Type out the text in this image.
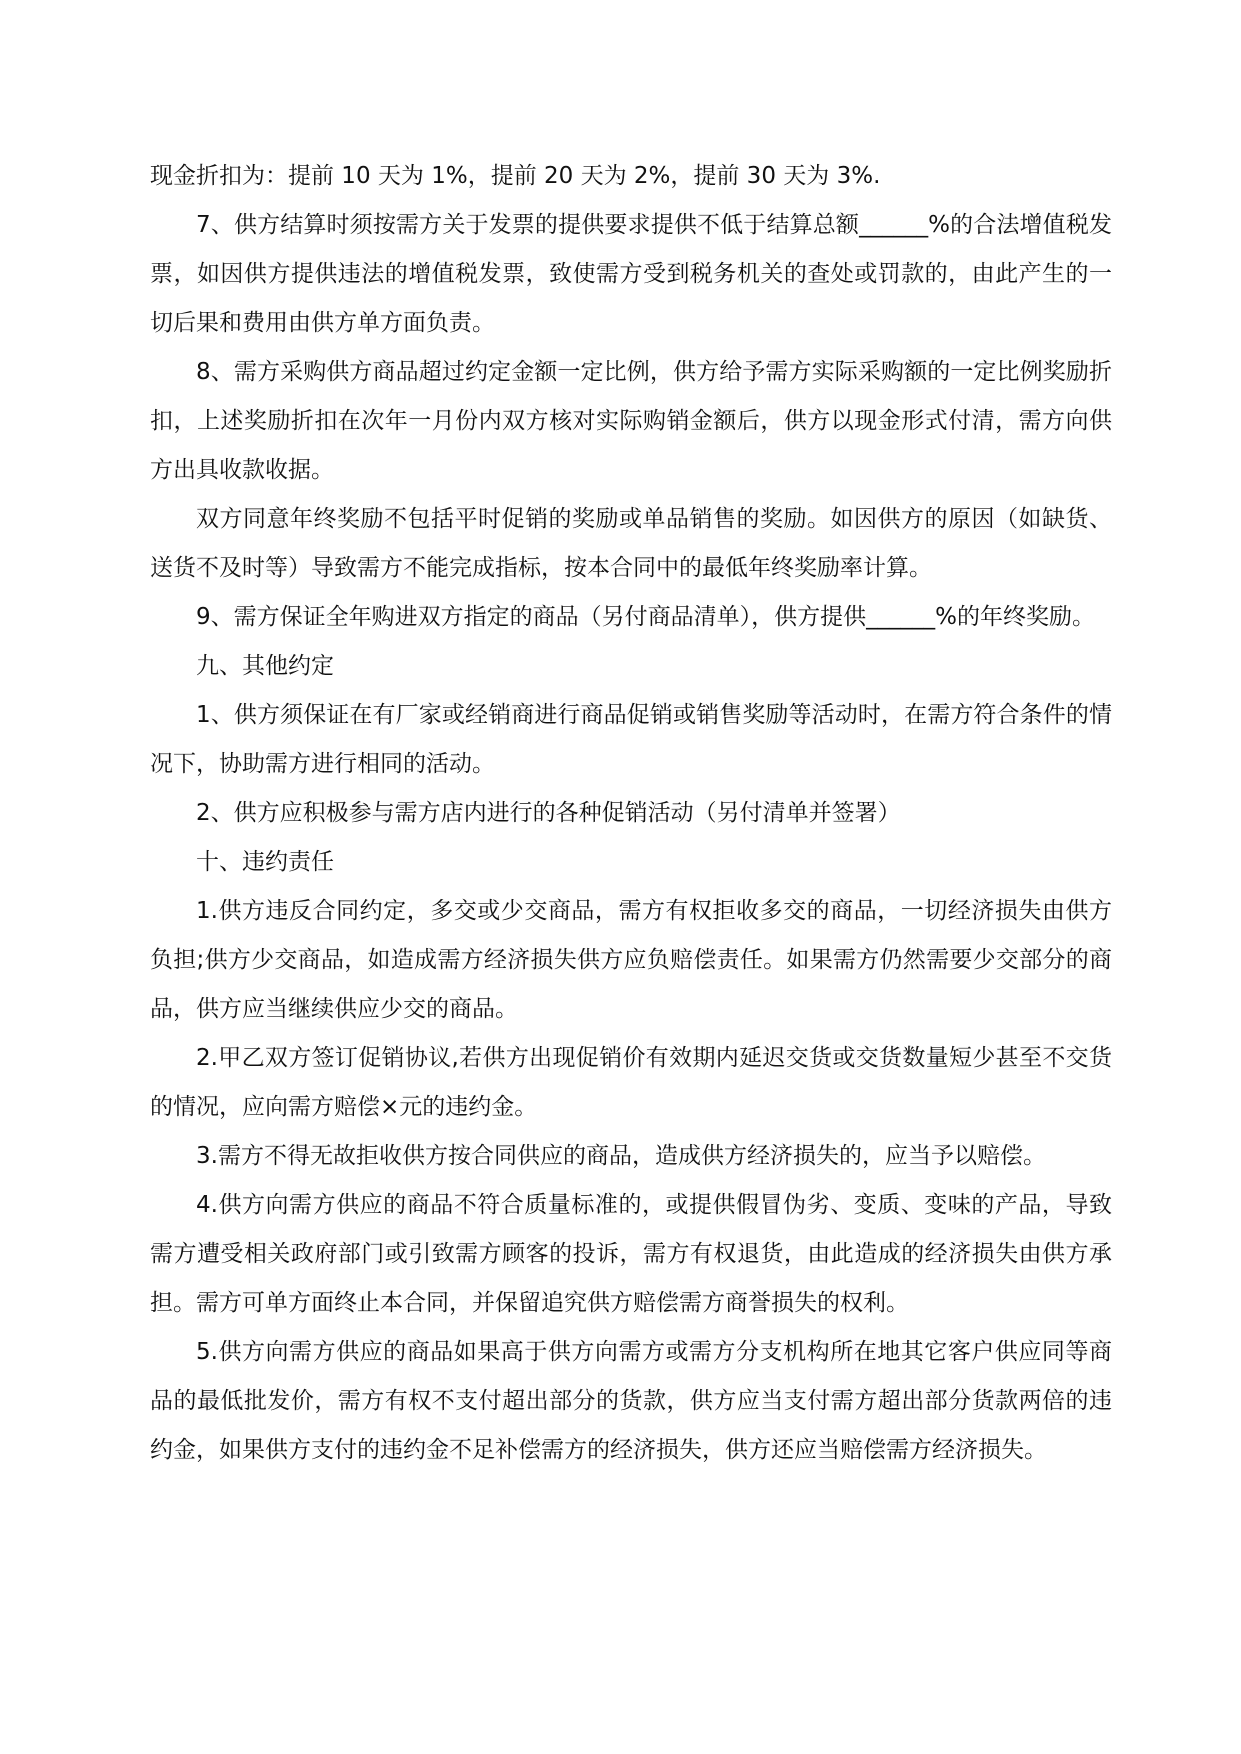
现金折扣为：提前 10 天为 1%，提前 20 天为 2%，提前 30 天为 3%.

7、供方结算时须按需方关于发票的提供要求提供不低于结算总额______%的合法增值税发票，如因供方提供违法的增值税发票，致使需方受到税务机关的查处或罚款的，由此产生的一切后果和费用由供方单方面负责。

8、需方采购供方商品超过约定金额一定比例，供方给予需方实际采购额的一定比例奖励折扣，上述奖励折扣在次年一月份内双方核对实际购销金额后，供方以现金形式付清，需方向供方出具收款收据。

双方同意年终奖励不包括平时促销的奖励或单品销售的奖励。如因供方的原因（如缺货、送货不及时等）导致需方不能完成指标，按本合同中的最低年终奖励率计算。

9、需方保证全年购进双方指定的商品（另付商品清单），供方提供______%的年终奖励。

九、其他约定

1、供方须保证在有厂家或经销商进行商品促销或销售奖励等活动时，在需方符合条件的情况下，协助需方进行相同的活动。

2、供方应积极参与需方店内进行的各种促销活动（另付清单并签署）

十、违约责任

1.供方违反合同约定，多交或少交商品，需方有权拒收多交的商品，一切经济损失由供方负担;供方少交商品，如造成需方经济损失供方应负赔偿责任。如果需方仍然需要少交部分的商品，供方应当继续供应少交的商品。

2.甲乙双方签订促销协议,若供方出现促销价有效期内延迟交货或交货数量短少甚至不交货的情况，应向需方赔偿×元的违约金。

3.需方不得无故拒收供方按合同供应的商品，造成供方经济损失的，应当予以赔偿。

4.供方向需方供应的商品不符合质量标准的，或提供假冒伪劣、变质、变味的产品，导致需方遭受相关政府部门或引致需方顾客的投诉，需方有权退货，由此造成的经济损失由供方承担。需方可单方面终止本合同，并保留追究供方赔偿需方商誉损失的权利。

5.供方向需方供应的商品如果高于供方向需方或需方分支机构所在地其它客户供应同等商品的最低批发价，需方有权不支付超出部分的货款，供方应当支付需方超出部分货款两倍的违约金，如果供方支付的违约金不足补偿需方的经济损失，供方还应当赔偿需方经济损失。
